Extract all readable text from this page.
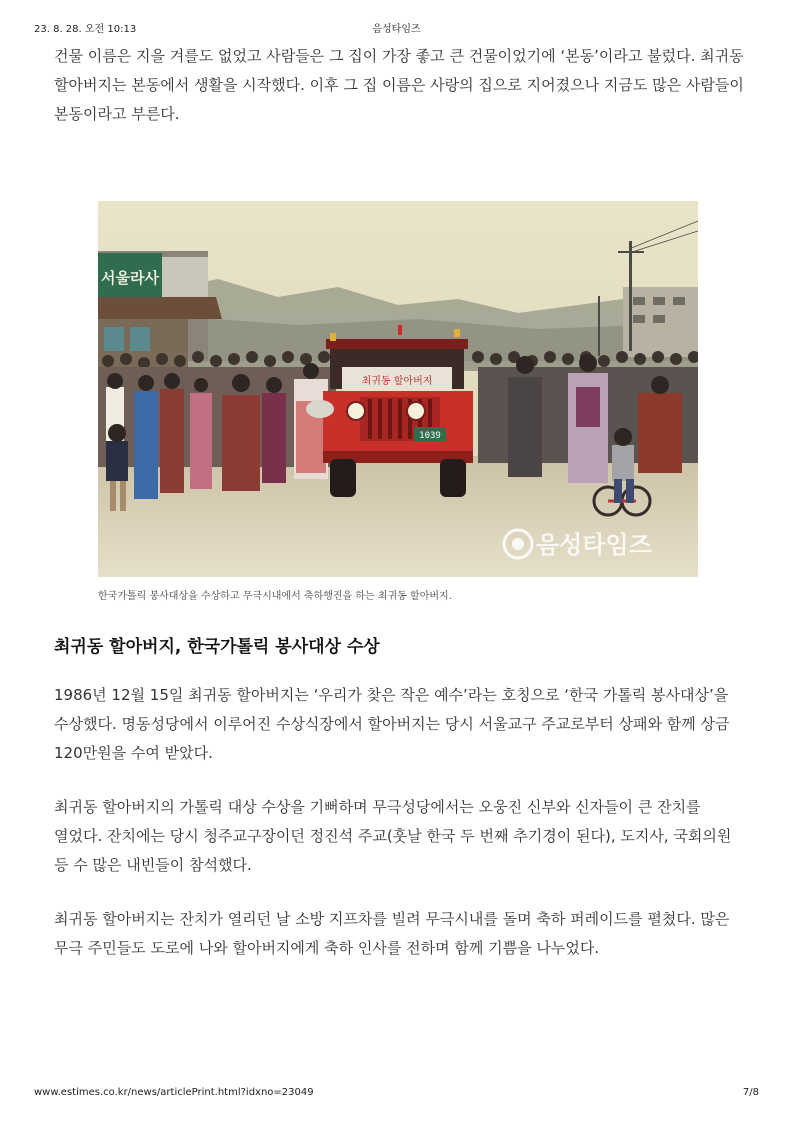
23. 8. 28. 오전 10:13	음성타임즈

건물 이름은 지을 겨를도 없었고 사람들은 그 집이 가장 좋고 큰 건물이었기에 ‘본동’이라고 불렀다. 최귀동 할아버지는 본동에서 생활을 시작했다. 이후 그 집 이름은 사랑의 집으로 지어졌으나 지금도 많은 사람들이 본동이라고 부른다.

서울라사
최귀동 할아버지
1039
음성타임즈
한국가톨릭 봉사대상을 수상하고 무극시내에서 축하행진을 하는 최귀동 할아버지.
최귀동 할아버지, 한국가톨릭 봉사대상 수상

1986년 12월 15일 최귀동 할아버지는 ‘우리가 찾은 작은 예수’라는 호칭으로 ‘한국 가톨릭 봉사대상’을 수상했다. 명동성당에서 이루어진 수상식장에서 할아버지는 당시 서울교구 주교로부터 상패와 함께 상금 120만원을 수여 받았다.

최귀동 할아버지의 가톨릭 대상 수상을 기뻐하며 무극성당에서는 오웅진 신부와 신자들이 큰 잔치를 열었다. 잔치에는 당시 청주교구장이던 정진석 주교(훗날 한국 두 번째 추기경이 된다), 도지사, 국회의원 등 수 많은 내빈들이 참석했다.

최귀동 할아버지는 잔치가 열리던 날 소방 지프차를 빌려 무극시내를 돌며 축하 퍼레이드를 펼쳤다. 많은 무극 주민들도 도로에 나와 할아버지에게 축하 인사를 전하며 함께 기쁨을 나누었다.

www.estimes.co.kr/news/articlePrint.html?idxno=23049	7/8
